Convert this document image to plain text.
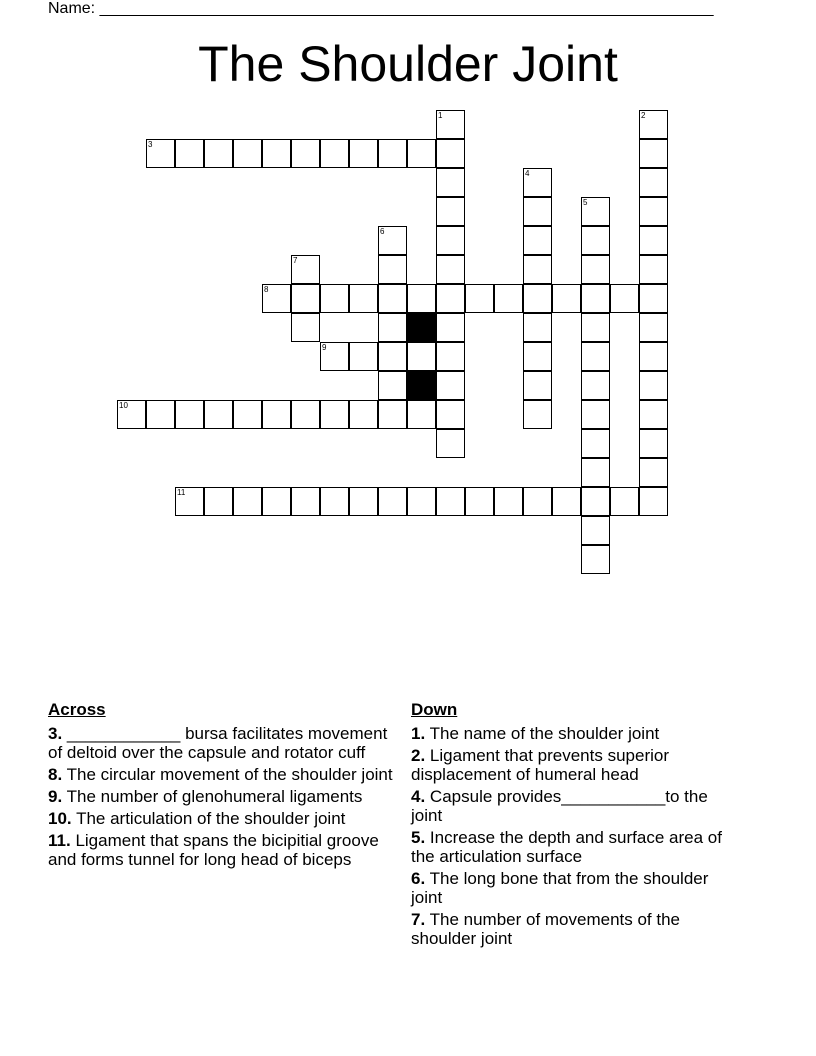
Name: _____________________________________________________________________
The Shoulder Joint
1	2
3
4
5
6
7
8
9
10
11
Across
3. ____________ bursa facilitates movement of deltoid over the capsule and rotator cuff
8. The circular movement of the shoulder joint
9. The number of glenohumeral ligaments
10. The articulation of the shoulder joint
11. Ligament that spans the bicipitial groove and forms tunnel for long head of biceps
Down
1. The name of the shoulder joint
2. Ligament that prevents superior displacement of humeral head
4. Capsule provides___________to the joint
5. Increase the depth and surface area of the articulation surface
6. The long bone that from the shoulder joint
7. The number of movements of the shoulder joint
